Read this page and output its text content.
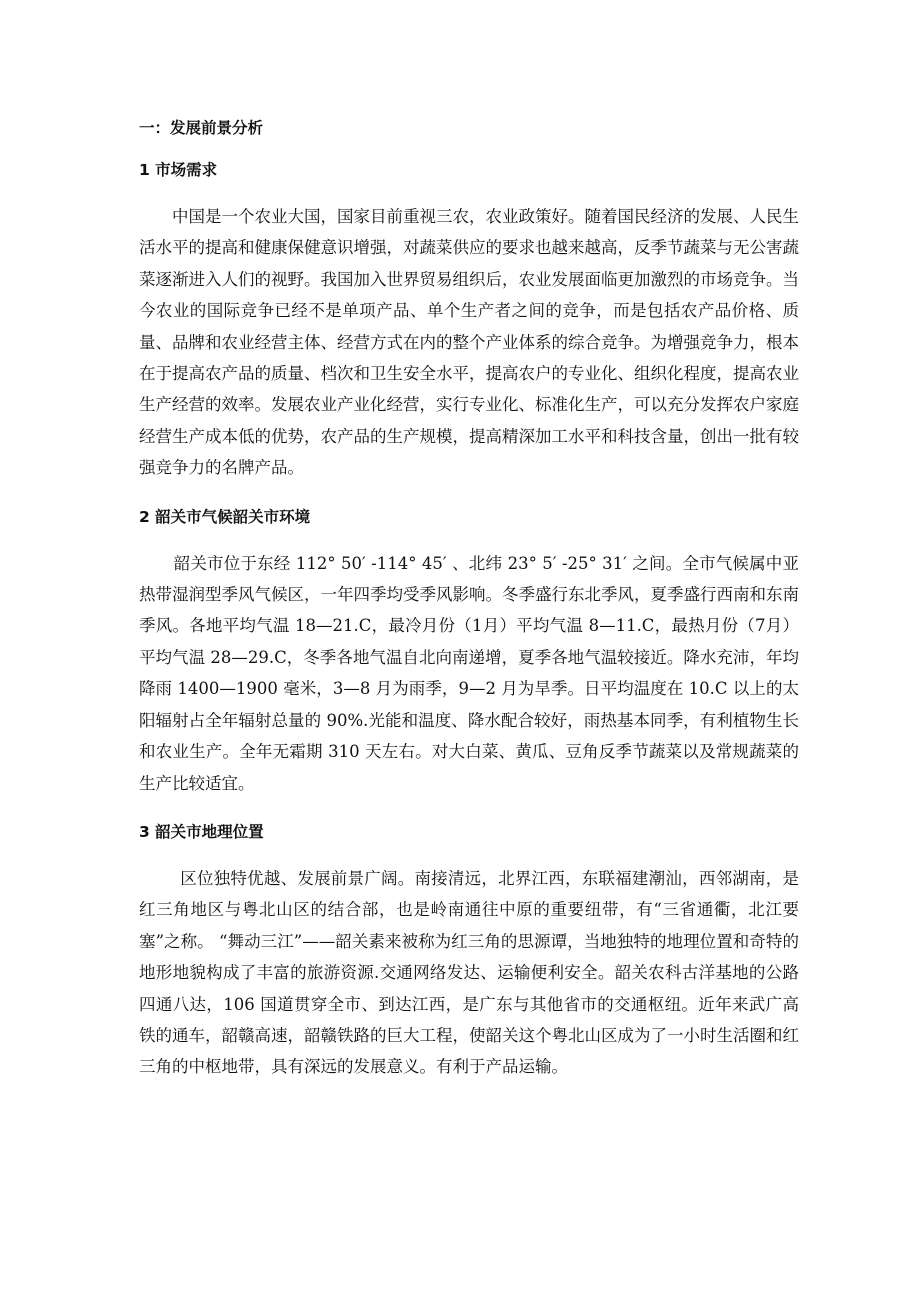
一：发展前景分析

1 市场需求

中国是一个农业大国，国家目前重视三农，农业政策好。随着国民经济的发展、人民生活水平的提高和健康保健意识增强，对蔬菜供应的要求也越来越高，反季节蔬菜与无公害蔬菜逐渐进入人们的视野。我国加入世界贸易组织后，农业发展面临更加激烈的市场竞争。当今农业的国际竞争已经不是单项产品、单个生产者之间的竞争，而是包括农产品价格、质量、品牌和农业经营主体、经营方式在内的整个产业体系的综合竞争。为增强竞争力，根本在于提高农产品的质量、档次和卫生安全水平，提高农户的专业化、组织化程度，提高农业生产经营的效率。发展农业产业化经营，实行专业化、标准化生产，可以充分发挥农户家庭经营生产成本低的优势，农产品的生产规模，提高精深加工水平和科技含量，创出一批有较强竞争力的名牌产品。

2 韶关市气候韶关市环境

韶关市位于东经 112° 50′ -114° 45′ 、北纬 23° 5′ -25° 31′ 之间。全市气候属中亚热带湿润型季风气候区，一年四季均受季风影响。冬季盛行东北季风，夏季盛行西南和东南季风。各地平均气温 18—21.C，最冷月份（1月）平均气温 8—11.C，最热月份（7月）平均气温 28—29.C，冬季各地气温自北向南递增，夏季各地气温较接近。降水充沛，年均降雨 1400—1900 毫米，3—8 月为雨季，9—2 月为旱季。日平均温度在 10.C 以上的太阳辐射占全年辐射总量的 90%.光能和温度、降水配合较好，雨热基本同季，有利植物生长和农业生产。全年无霜期 310 天左右。对大白菜、黄瓜、豆角反季节蔬菜以及常规蔬菜的生产比较适宜。

3 韶关市地理位置

区位独特优越、发展前景广阔。南接清远，北界江西，东联福建潮汕，西邻湖南，是红三角地区与粤北山区的结合部，也是岭南通往中原的重要纽带，有“三省通衢，北江要塞”之称。 “舞动三江”——韶关素来被称为红三角的思源谭，当地独特的地理位置和奇特的地形地貌构成了丰富的旅游资源.交通网络发达、运输便利安全。韶关农科古洋基地的公路四通八达，106 国道贯穿全市、到达江西，是广东与其他省市的交通枢纽。近年来武广高铁的通车，韶赣高速，韶赣铁路的巨大工程，使韶关这个粤北山区成为了一小时生活圈和红三角的中枢地带，具有深远的发展意义。有利于产品运输。
